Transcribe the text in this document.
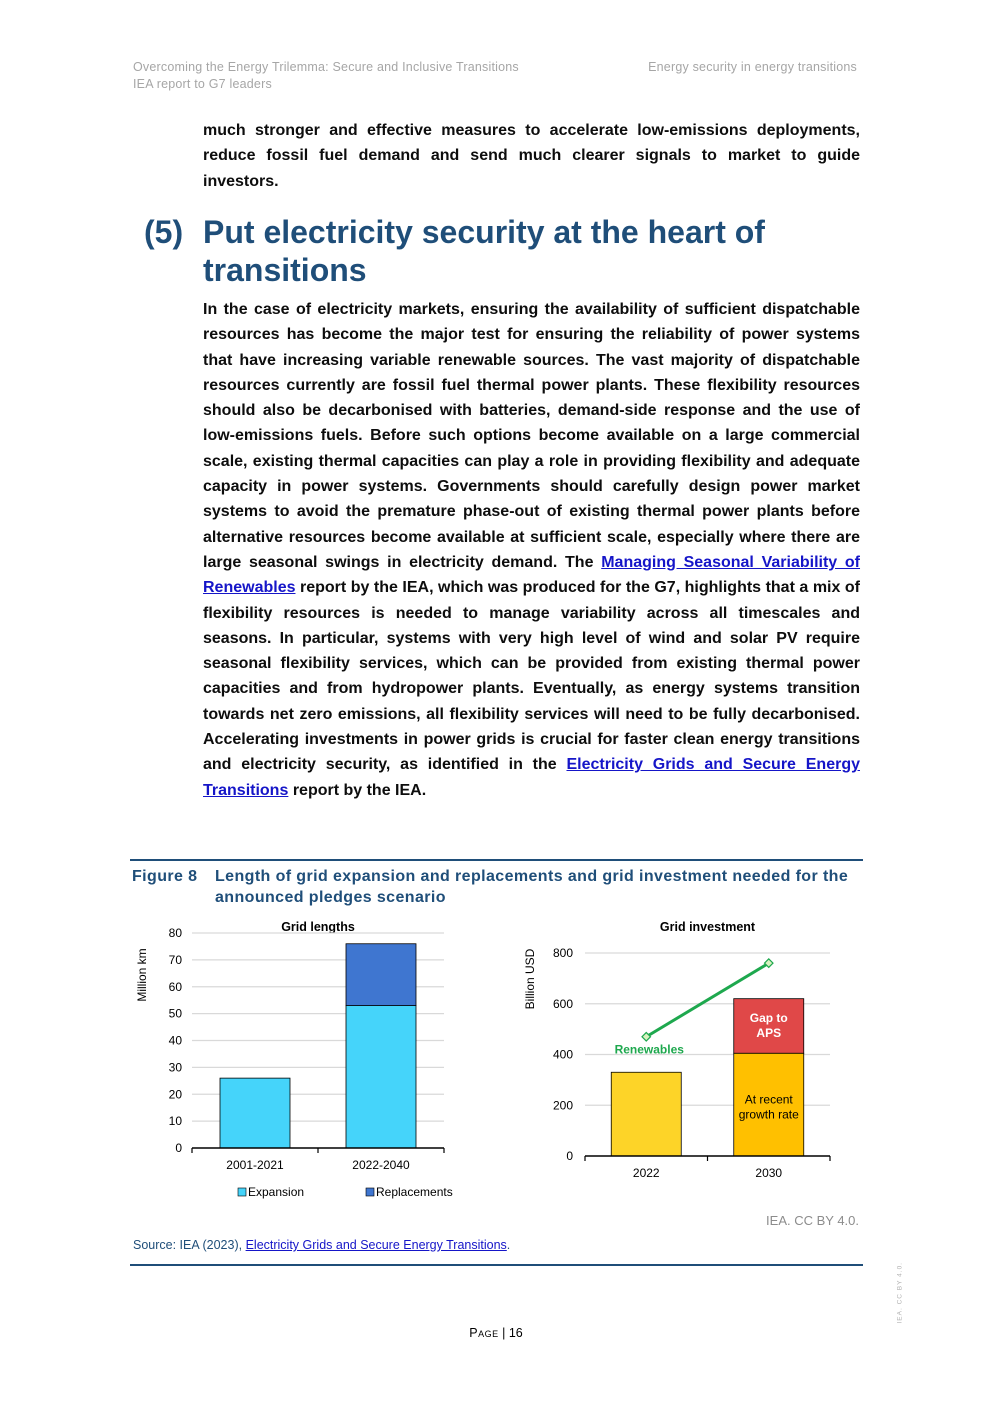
Overcoming the Energy Trilemma: Secure and Inclusive Transitions
IEA report to G7 leaders
Energy security in energy transitions
much stronger and effective measures to accelerate low-emissions deployments, reduce fossil fuel demand and send much clearer signals to market to guide investors.
(5) Put electricity security at the heart of transitions
In the case of electricity markets, ensuring the availability of sufficient dispatchable resources has become the major test for ensuring the reliability of power systems that have increasing variable renewable sources. The vast majority of dispatchable resources currently are fossil fuel thermal power plants. These flexibility resources should also be decarbonised with batteries, demand-side response and the use of low-emissions fuels. Before such options become available on a large commercial scale, existing thermal capacities can play a role in providing flexibility and adequate capacity in power systems. Governments should carefully design power market systems to avoid the premature phase-out of existing thermal power plants before alternative resources become available at sufficient scale, especially where there are large seasonal swings in electricity demand. The Managing Seasonal Variability of Renewables report by the IEA, which was produced for the G7, highlights that a mix of flexibility resources is needed to manage variability across all timescales and seasons. In particular, systems with very high level of wind and solar PV require seasonal flexibility services, which can be provided from existing thermal power capacities and from hydropower plants. Eventually, as energy systems transition towards net zero emissions, all flexibility services will need to be fully decarbonised. Accelerating investments in power grids is crucial for faster clean energy transitions and electricity security, as identified in the Electricity Grids and Secure Energy Transitions report by the IEA.
Figure 8 Length of grid expansion and replacements and grid investment needed for the announced pledges scenario
Grid lengths
Million km
0
10
20
30
40
50
60
70
80
2001-2021	2022-2040
Expansion	Replacements
Grid investment
Billion USD
0
200
400
600
800
2022	2030
Gap to
APS
At recent
growth rate
Renewables
IEA. CC BY 4.0.
Source: IEA (2023), Electricity Grids and Secure Energy Transitions.
Page | 16
IEA. CC BY 4.0.
